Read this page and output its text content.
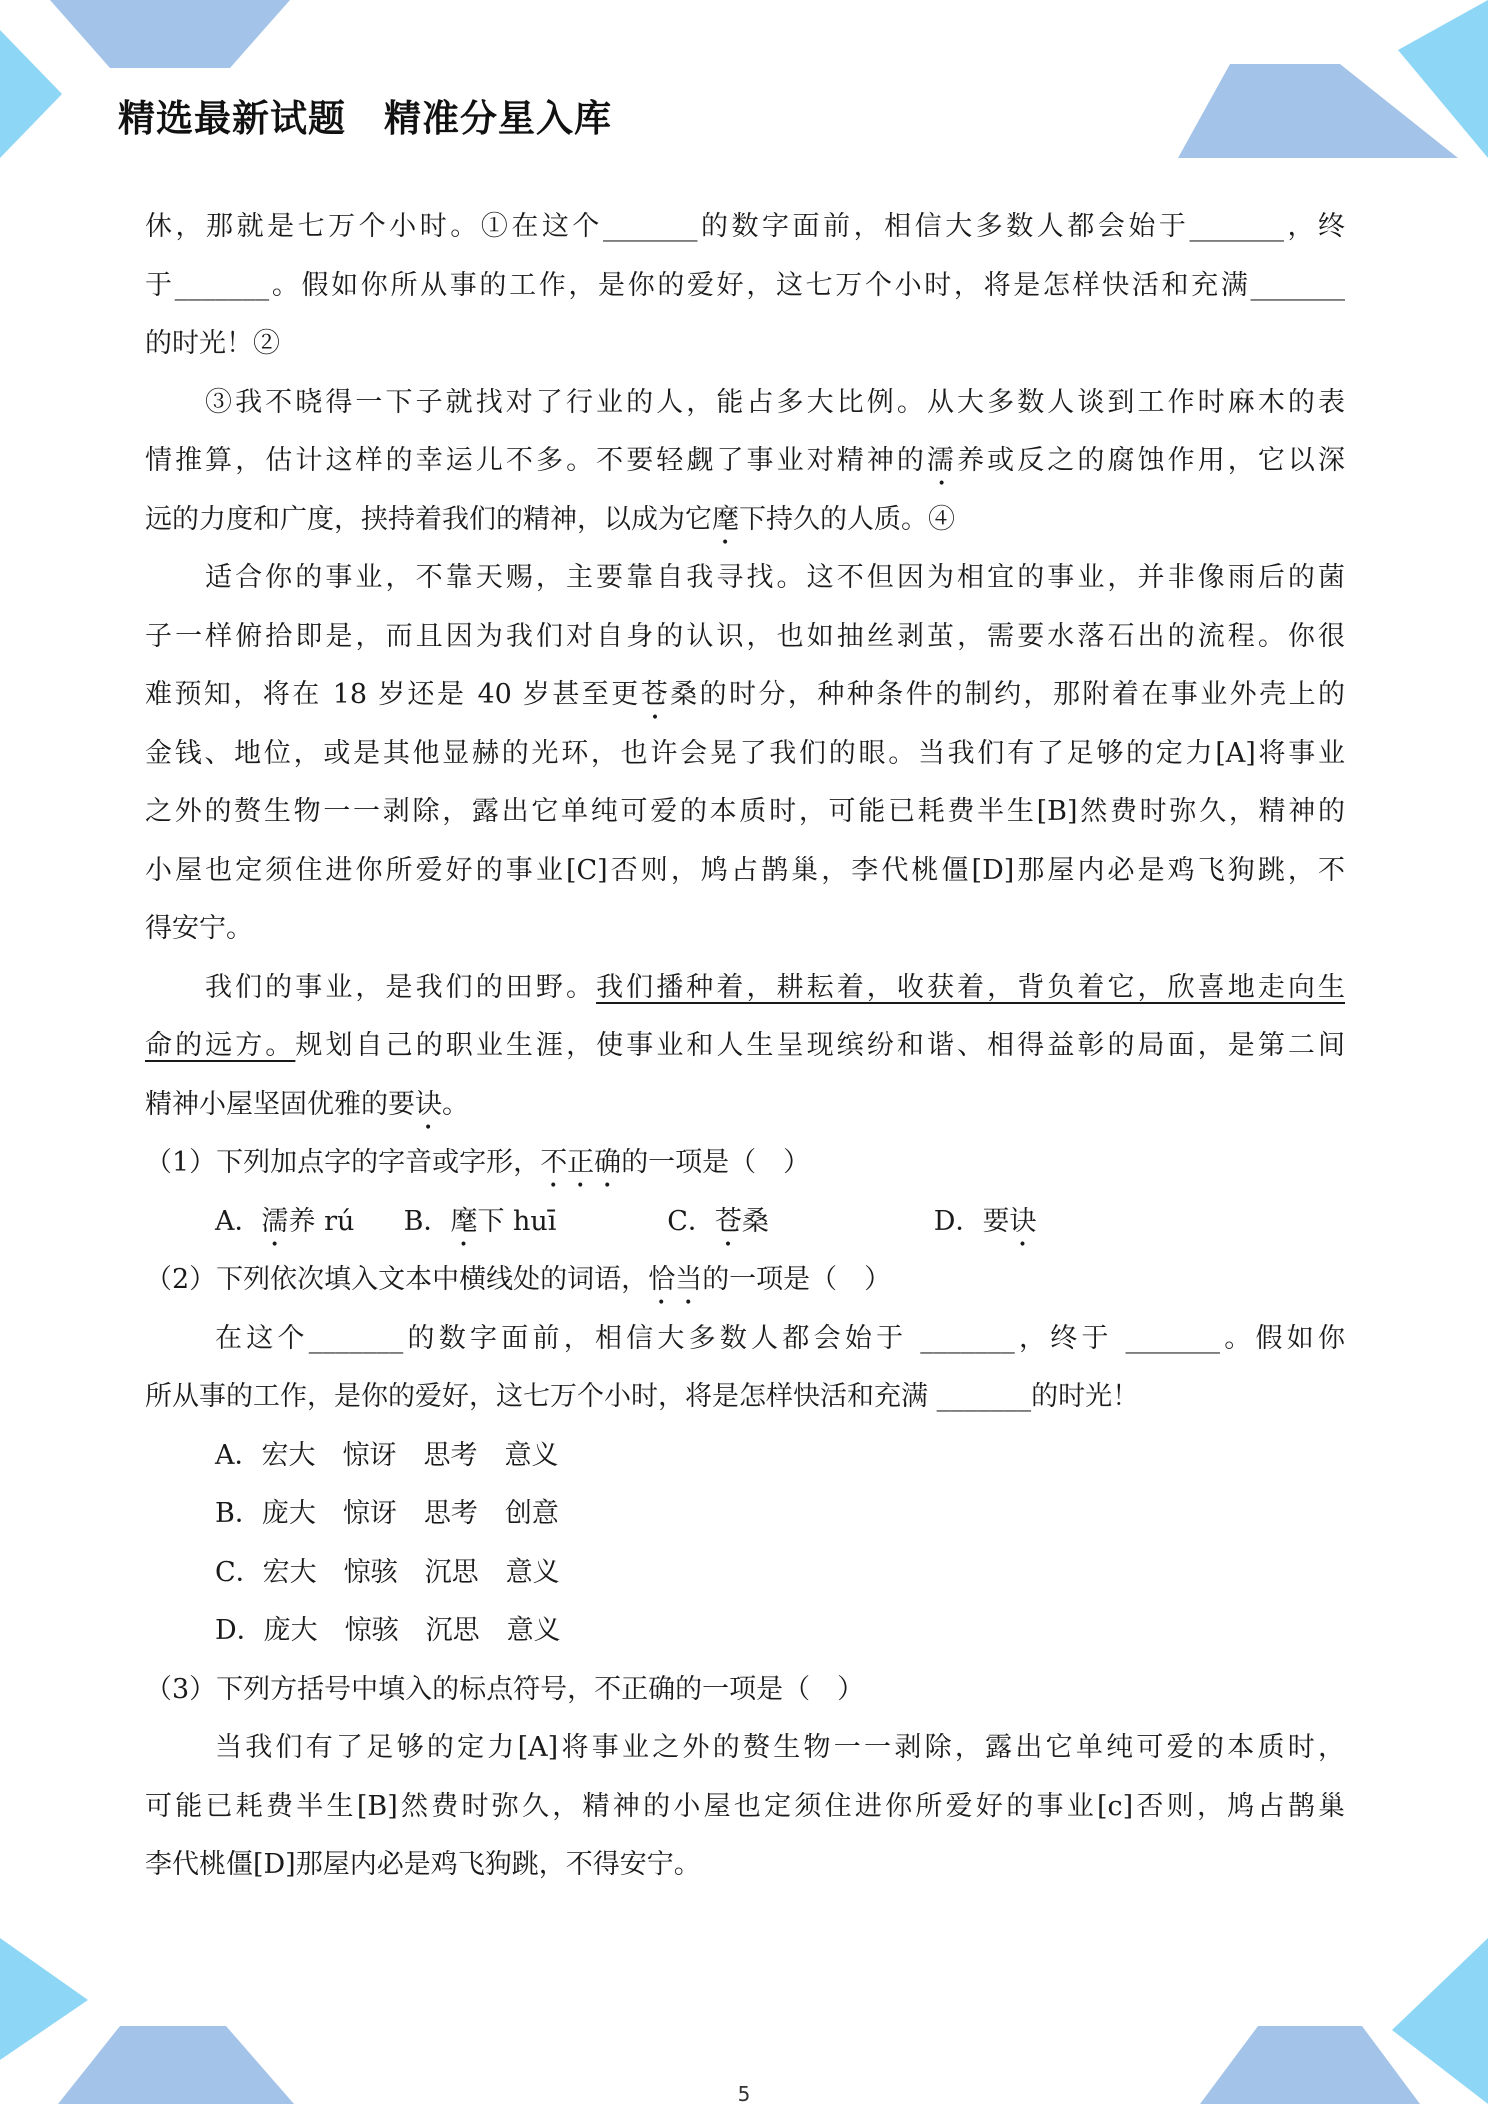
精选最新试题　精准分星入库
休，那就是七万个小时。①在这个_______的数字面前，相信大多数人都会始于_______，终
于_______。假如你所从事的工作，是你的爱好，这七万个小时，将是怎样快活和充满_______
的时光！②
③我不晓得一下子就找对了行业的人，能占多大比例。从大多数人谈到工作时麻木的表
情推算，估计这样的幸运儿不多。不要轻觑了事业对精神的濡养或反之的腐蚀作用，它以深
远的力度和广度，挟持着我们的精神，以成为它麾下持久的人质。④
适合你的事业，不靠天赐，主要靠自我寻找。这不但因为相宜的事业，并非像雨后的菌
子一样俯拾即是，而且因为我们对自身的认识，也如抽丝剥茧，需要水落石出的流程。你很
难预知，将在 18 岁还是 40 岁甚至更苍桑的时分，种种条件的制约，那附着在事业外壳上的
金钱、地位，或是其他显赫的光环，也许会晃了我们的眼。当我们有了足够的定力[A]将事业
之外的赘生物一一剥除，露出它单纯可爱的本质时，可能已耗费半生[B]然费时弥久，精神的
小屋也定须住进你所爱好的事业[C]否则，鸠占鹊巢，李代桃僵[D]那屋内必是鸡飞狗跳，不
得安宁。
我们的事业，是我们的田野。我们播种着，耕耘着，收获着，背负着它，欣喜地走向生
命的远方。规划自己的职业生涯，使事业和人生呈现缤纷和谐、相得益彰的局面，是第二间
精神小屋坚固优雅的要诀。
（1）下列加点字的字音或字形，不正确的一项是（　）
A．濡养 rú B．麾下 huī	C．苍桑	D．要诀
（2）下列依次填入文本中横线处的词语，恰当的一项是（　）
在这个_______的数字面前，相信大多数人都会始于 _______，终于 _______。假如你
所从事的工作，是你的爱好，这七万个小时，将是怎样快活和充满 _______的时光！
A．宏大　惊讶　思考　意义
B．庞大　惊讶　思考　创意
C．宏大　惊骇　沉思　意义
D．庞大　惊骇　沉思　意义
（3）下列方括号中填入的标点符号，不正确的一项是（　）
当我们有了足够的定力[A]将事业之外的赘生物一一剥除，露出它单纯可爱的本质时，
可能已耗费半生[B]然费时弥久，精神的小屋也定须住进你所爱好的事业[c]否则，鸠占鹊巢
李代桃僵[D]那屋内必是鸡飞狗跳，不得安宁。
5
